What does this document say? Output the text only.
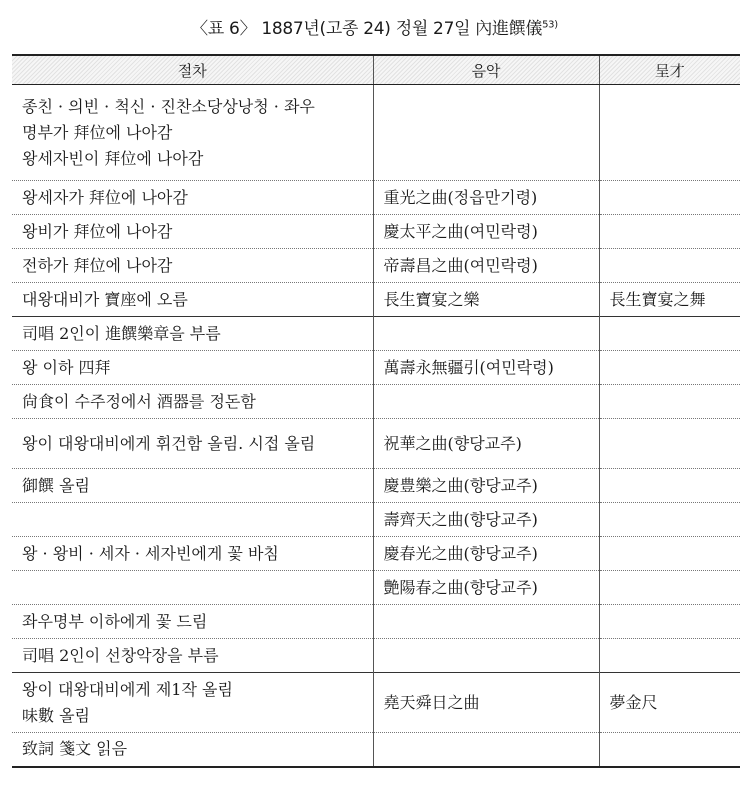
〈표 6〉 1887년(고종 24) 정월 27일 內進饌儀$^{53)}$
절차	음악	呈才

종친 · 의빈 · 척신 · 진찬소당상낭청 · 좌우
명부가 拜位에 나아감
왕세자빈이 拜位에 나아감		

왕세자가 拜位에 나아감	重光之曲(정읍만기령)	
왕비가 拜位에 나아감	慶太平之曲(여민락령)	
전하가 拜位에 나아감	帝壽昌之曲(여민락령)	
대왕대비가 寶座에 오름	長生寶宴之樂	長生寶宴之舞
司唱 2인이 進饌樂章을 부름		
왕 이하 四拜	萬壽永無疆引(여민락령)	
尙食이 수주정에서 酒器를 정돈함		
왕이 대왕대비에게 휘건함 올림. 시접 올림	祝華之曲(향당교주)	
御饌 올림	慶豊樂之曲(향당교주)	
	壽齊天之曲(향당교주)	
왕 · 왕비 · 세자 · 세자빈에게 꽃 바침	慶春光之曲(향당교주)	
	艶陽春之曲(향당교주)	
좌우명부 이하에게 꽃 드림		
司唱 2인이 선창악장을 부름		

왕이 대왕대비에게 제1작 올림
味數 올림	堯天舜日之曲	夢金尺
致詞 箋文 읽음		
